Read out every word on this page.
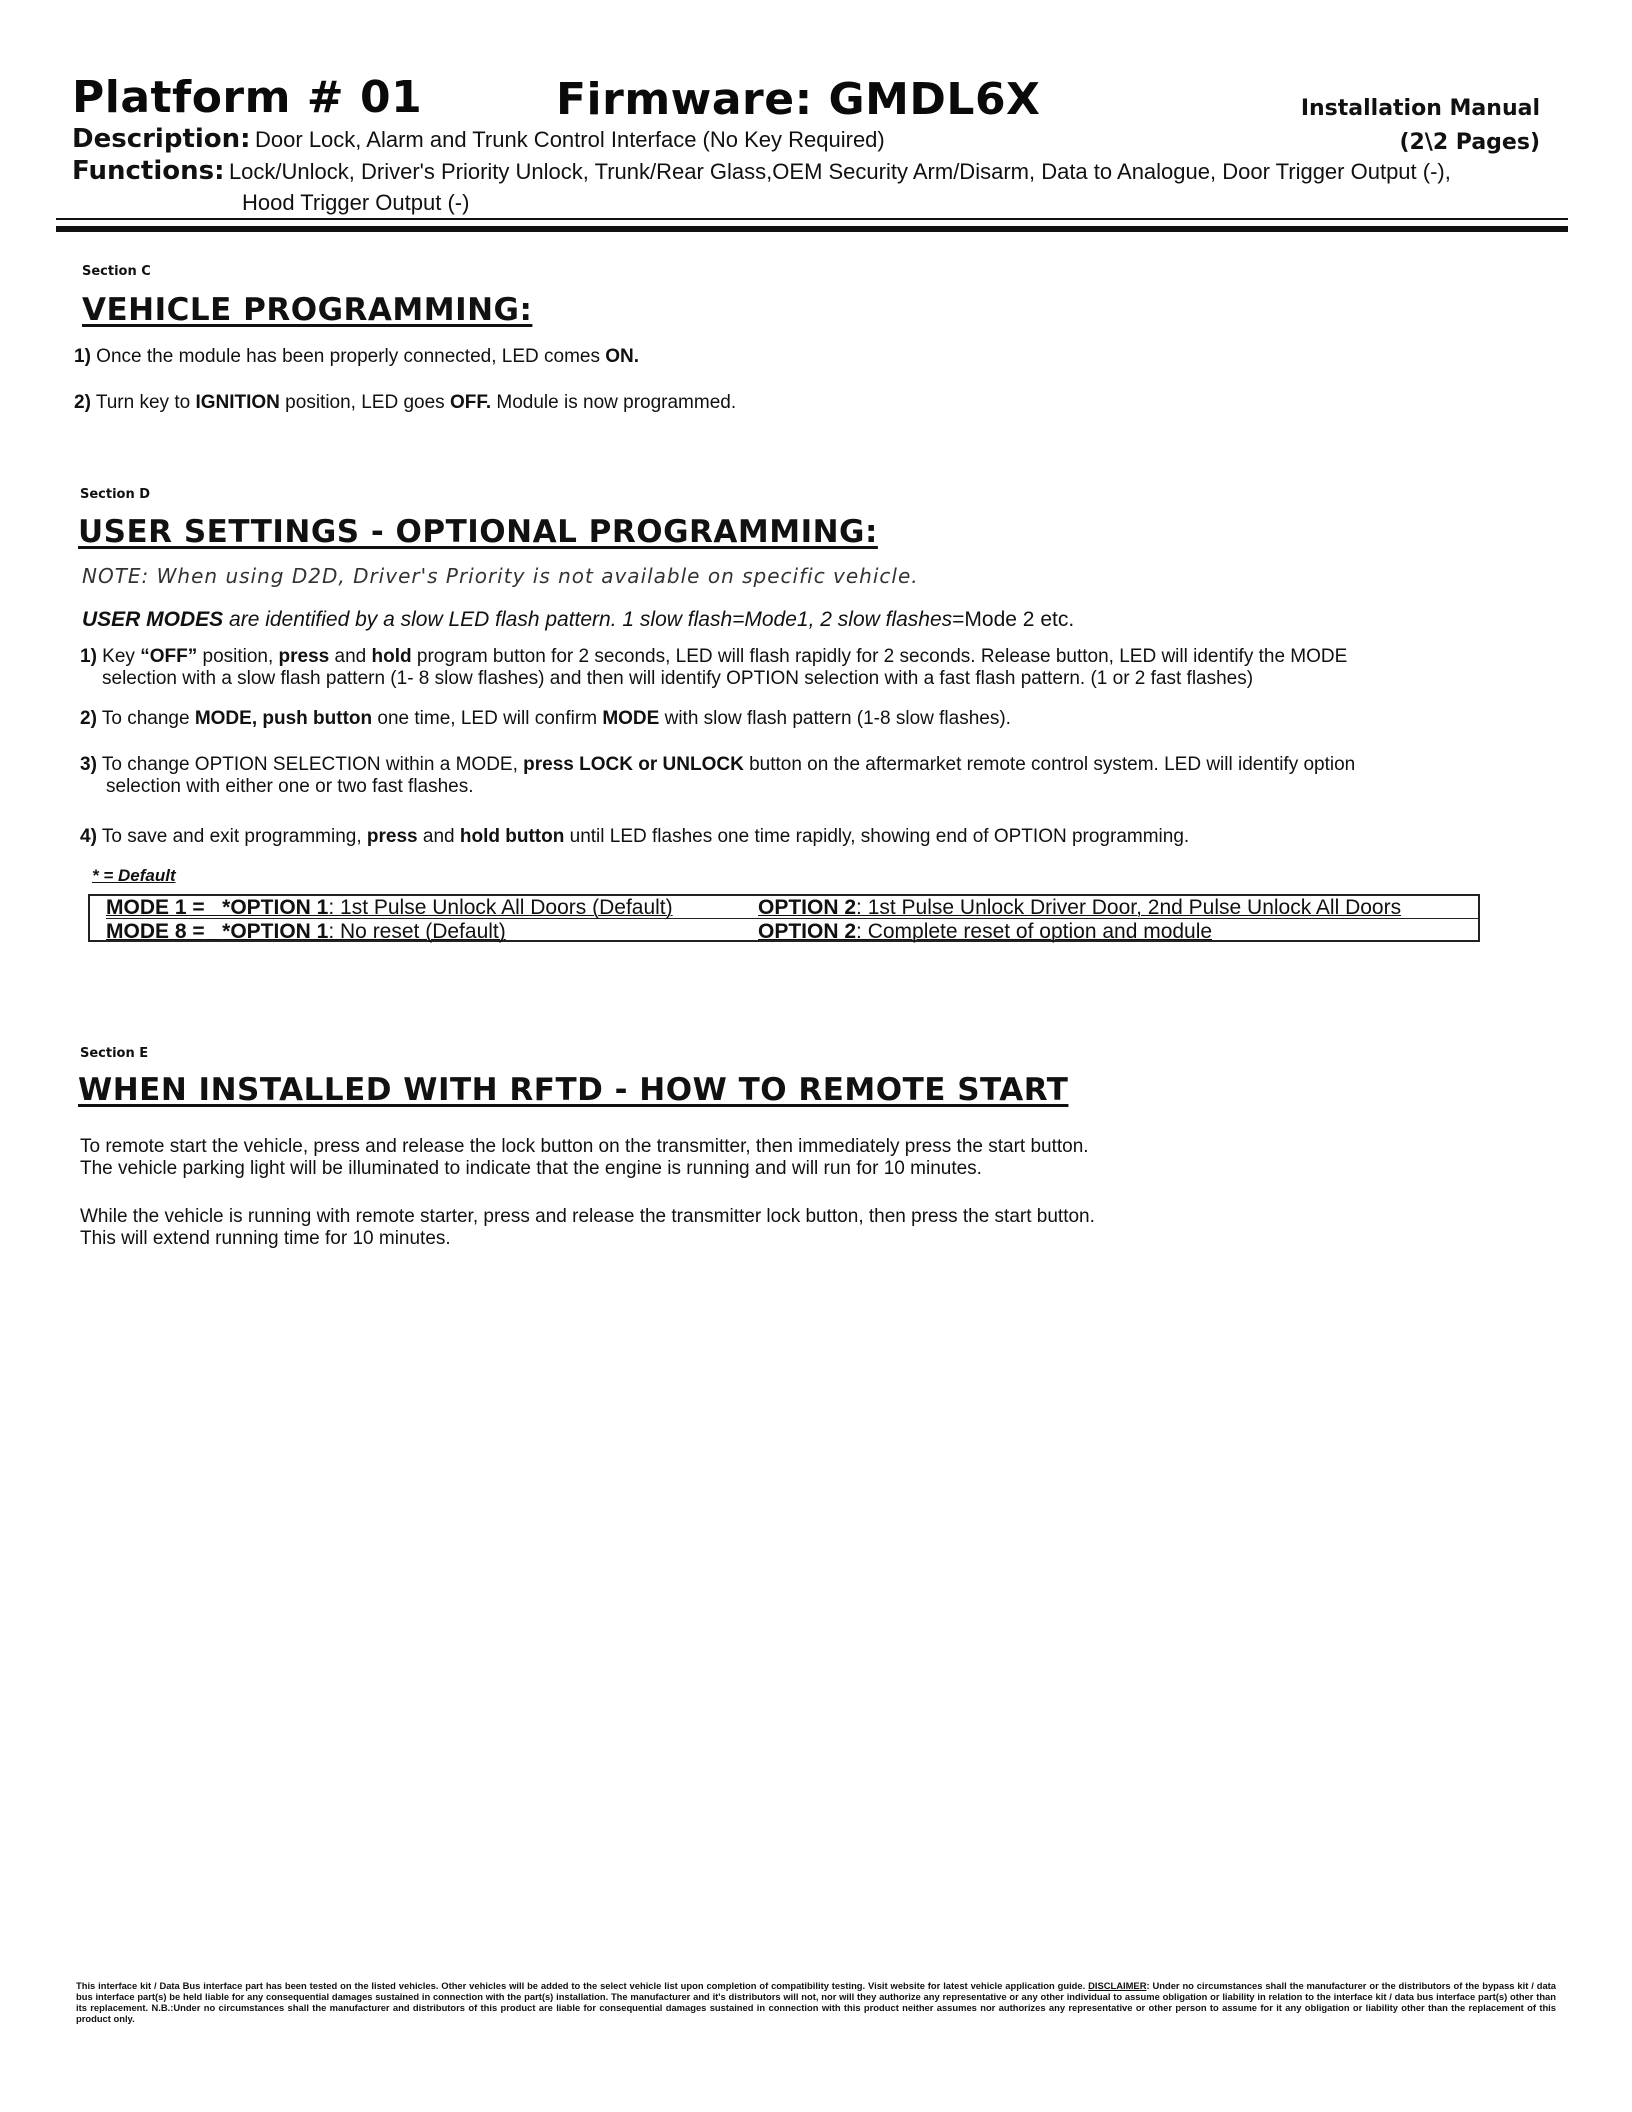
Platform # 01	Firmware: GMDL6X	Installation Manual
(2\2 Pages)
Description: Door Lock, Alarm and Trunk Control Interface (No Key Required)
Functions: Lock/Unlock, Driver's Priority Unlock, Trunk/Rear Glass,OEM Security Arm/Disarm, Data to Analogue, Door Trigger Output (-),
Hood Trigger Output (-)
Section C
VEHICLE PROGRAMMING:
1) Once the module has been properly connected, LED comes ON.
2) Turn key to IGNITION position, LED goes OFF. Module is now programmed.
Section D
USER SETTINGS - OPTIONAL PROGRAMMING:
NOTE: When using D2D, Driver's Priority is not available on specific vehicle.
USER MODES are identified by a slow LED flash pattern. 1 slow flash=Mode1, 2 slow flashes=Mode 2 etc.
1) Key “OFF” position, press and hold program button for 2 seconds, LED will flash rapidly for 2 seconds. Release button, LED will identify the MODE
selection with a slow flash pattern (1- 8 slow flashes) and then will identify OPTION selection with a fast flash pattern. (1 or 2 fast flashes)
2) To change MODE, push button one time, LED will confirm MODE with slow flash pattern (1-8 slow flashes).
3) To change OPTION SELECTION within a MODE, press LOCK or UNLOCK button on the aftermarket remote control system. LED will identify option
selection with either one or two fast flashes.
4) To save and exit programming, press and hold button until LED flashes one time rapidly, showing end of OPTION programming.
* = Default
MODE 1 = *OPTION 1: 1st Pulse Unlock All Doors (Default)	OPTION 2: 1st Pulse Unlock Driver Door, 2nd Pulse Unlock All Doors
MODE 8 = *OPTION 1: No reset (Default)	OPTION 2: Complete reset of option and module
Section E
WHEN INSTALLED WITH RFTD - HOW TO REMOTE START
To remote start the vehicle, press and release the lock button on the transmitter, then immediately press the start button.
The vehicle parking light will be illuminated to indicate that the engine is running and will run for 10 minutes.
While the vehicle is running with remote starter, press and release the transmitter lock button, then press the start button.
This will extend running time for 10 minutes.
This interface kit / Data Bus interface part has been tested on the listed vehicles. Other vehicles will be added to the select vehicle list upon completion of compatibility testing. Visit website for latest vehicle application guide. DISCLAIMER: Under no circumstances shall the manufacturer or the distributors of the bypass kit / data bus interface part(s) be held liable for any consequential damages sustained in connection with the part(s) installation. The manufacturer and it's distributors will not, nor will they authorize any representative or any other individual to assume obligation or liability in relation to the interface kit / data bus interface part(s) other than its replacement. N.B.:Under no circumstances shall the manufacturer and distributors of this product are liable for consequential damages sustained in connection with this product neither assumes nor authorizes any representative or other person to assume for it any obligation or liability other than the replacement of this product only.
